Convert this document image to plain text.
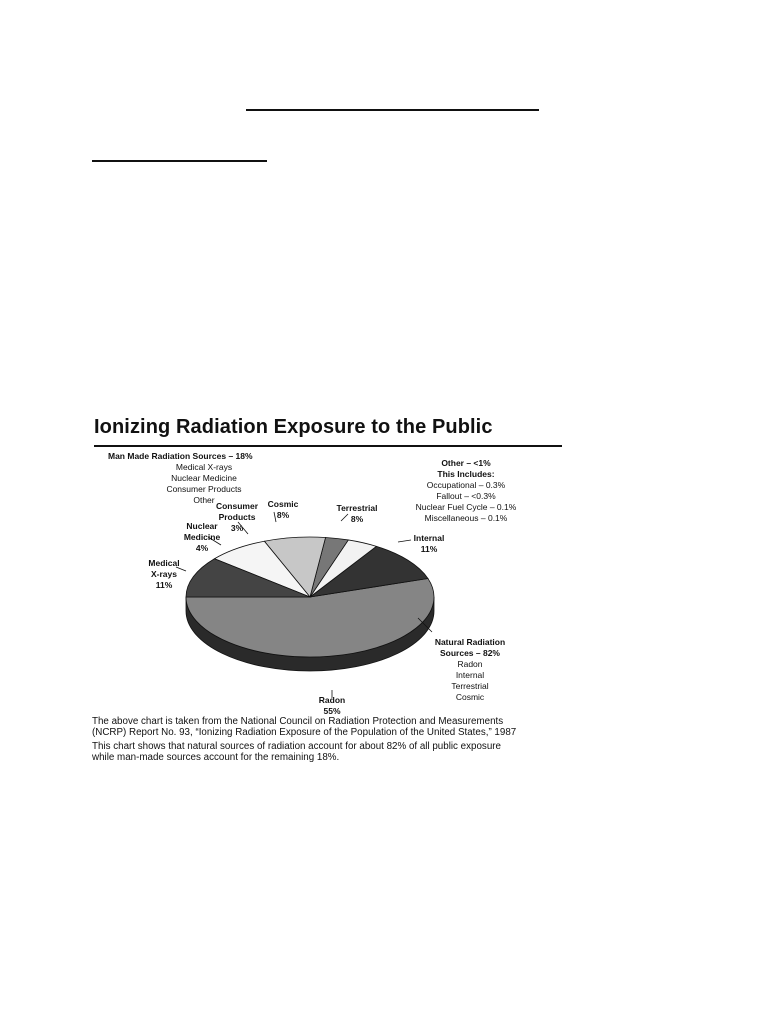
Ionizing Radiation Exposure to the Public
Man Made Radiation Sources – 18%
Medical X-rays
Nuclear Medicine
Consumer Products
Other
Other – <1%
This Includes:
Occupational – 0.3%
Fallout – <0.3%
Nuclear Fuel Cycle – 0.1%
Miscellaneous – 0.1%
Medical
X-rays
11%
Nuclear
Medicine
4%
Consumer
Products
3%
Cosmic
8%
Terrestrial
8%
Internal
11%
Radon
55%
Natural Radiation
Sources – 82%
Radon
Internal
Terrestrial
Cosmic
The above chart is taken from the National Council on Radiation Protection and Measurements
(NCRP) Report No. 93, “Ionizing Radiation Exposure of the Population of the United States,” 1987
This chart shows that natural sources of radiation account for about 82% of all public exposure
while man-made sources account for the remaining 18%.
